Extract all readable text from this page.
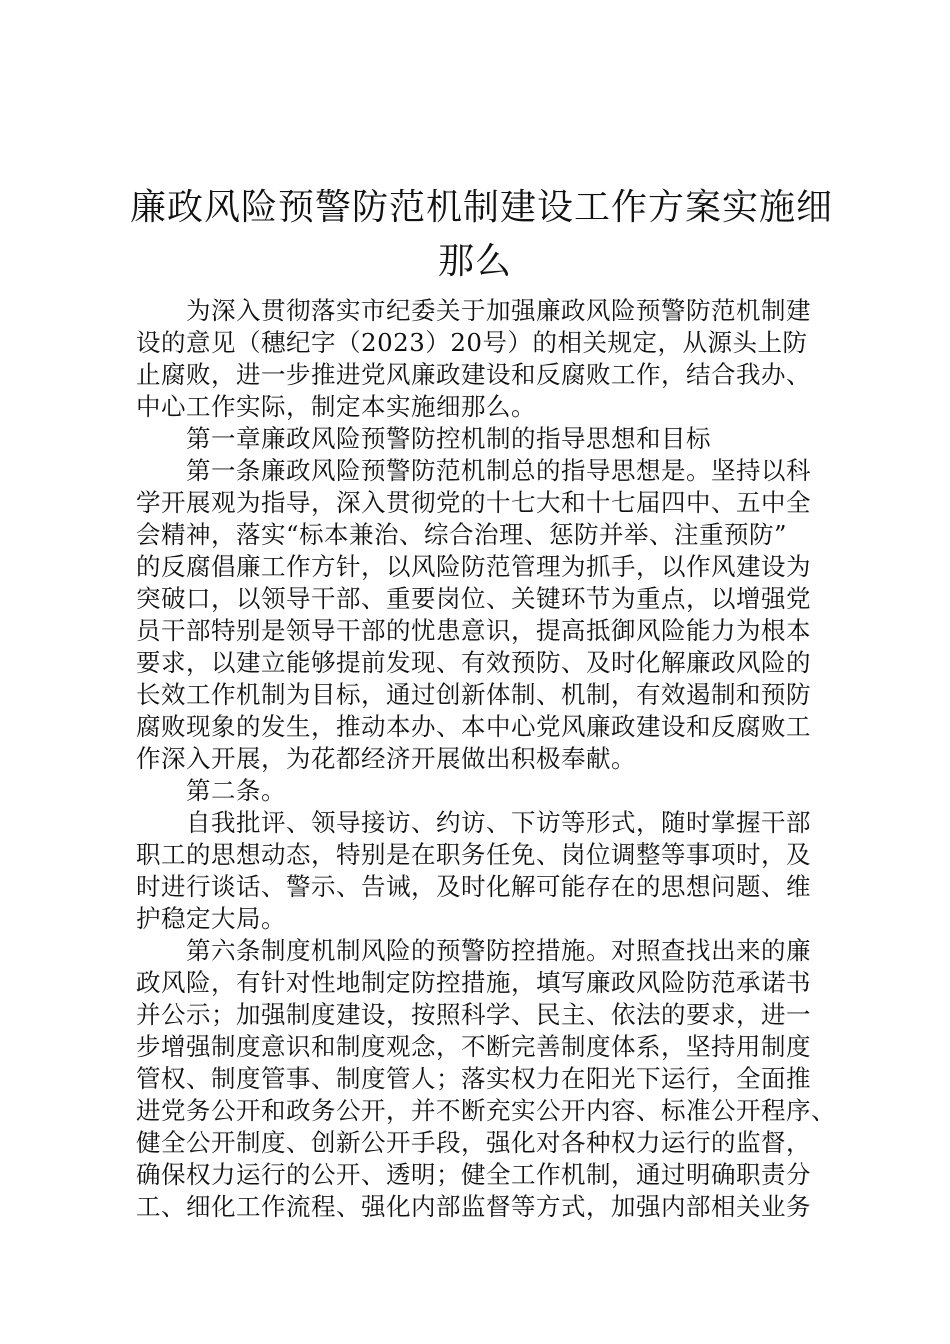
廉政风险预警防范机制建设工作方案实施细
那么
为深入贯彻落实市纪委关于加强廉政风险预警防范机制建
设的意见（穗纪字（2023）20号）的相关规定，从源头上防
止腐败，进一步推进党风廉政建设和反腐败工作，结合我办、
中心工作实际，制定本实施细那么。
第一章廉政风险预警防控机制的指导思想和目标
第一条廉政风险预警防范机制总的指导思想是。坚持以科
学开展观为指导，深入贯彻党的十七大和十七届四中、五中全
会精神，落实“标本兼治、综合治理、惩防并举、注重预防”
的反腐倡廉工作方针，以风险防范管理为抓手，以作风建设为
突破口，以领导干部、重要岗位、关键环节为重点，以增强党
员干部特别是领导干部的忧患意识，提高抵御风险能力为根本
要求，以建立能够提前发现、有效预防、及时化解廉政风险的
长效工作机制为目标，通过创新体制、机制，有效遏制和预防
腐败现象的发生，推动本办、本中心党风廉政建设和反腐败工
作深入开展，为花都经济开展做出积极奉献。
第二条。
自我批评、领导接访、约访、下访等形式，随时掌握干部
职工的思想动态，特别是在职务任免、岗位调整等事项时，及
时进行谈话、警示、告诫，及时化解可能存在的思想问题、维
护稳定大局。
第六条制度机制风险的预警防控措施。对照查找出来的廉
政风险，有针对性地制定防控措施，填写廉政风险防范承诺书
并公示；加强制度建设，按照科学、民主、依法的要求，进一
步增强制度意识和制度观念，不断完善制度体系，坚持用制度
管权、制度管事、制度管人；落实权力在阳光下运行，全面推
进党务公开和政务公开，并不断充实公开内容、标准公开程序、
健全公开制度、创新公开手段，强化对各种权力运行的监督，
确保权力运行的公开、透明；健全工作机制，通过明确职责分
工、细化工作流程、强化内部监督等方式，加强内部相关业务
